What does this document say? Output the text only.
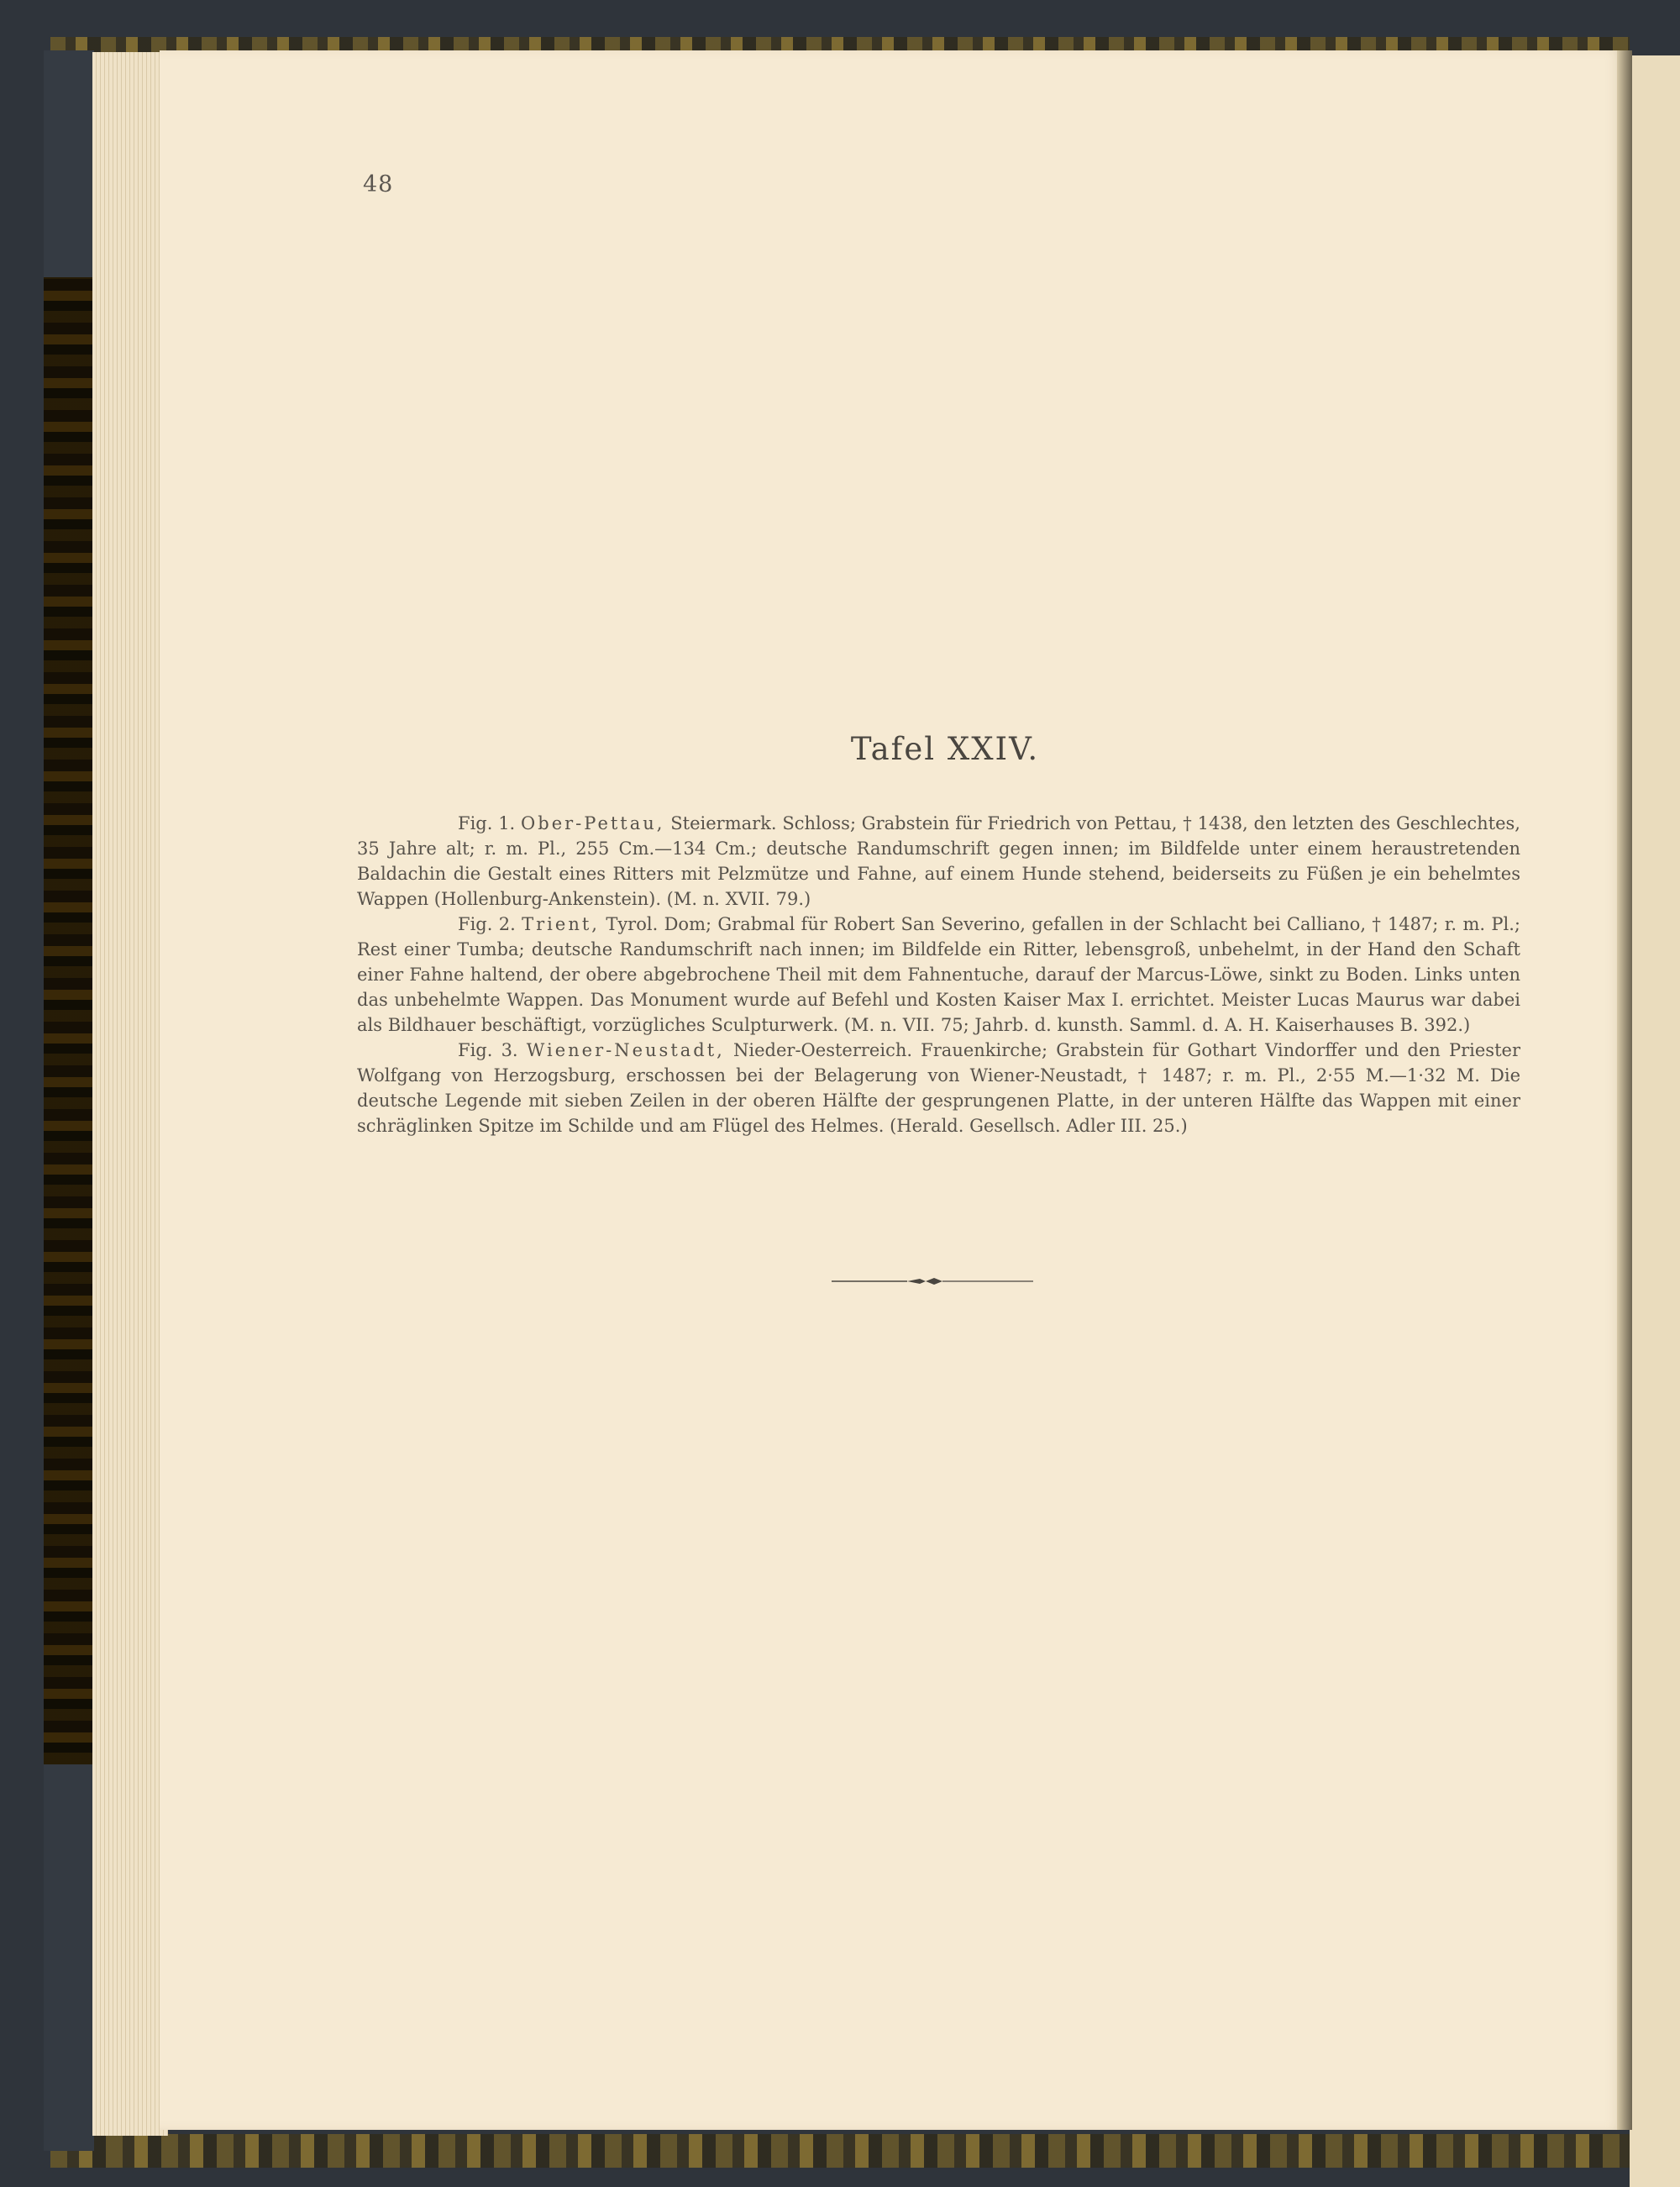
48
Tafel XXIV.

Fig. 1. Ober-Pettau, Steiermark. Schloss; Grabstein für Friedrich von Pettau, † 1438, den letzten des Geschlechtes, 35 Jahre alt; r. m. Pl., 255 Cm.—134 Cm.; deutsche Randumschrift gegen innen; im Bildfelde unter einem heraustretenden Baldachin die Gestalt eines Ritters mit Pelzmütze und Fahne, auf einem Hunde stehend, beiderseits zu Füßen je ein behelmtes Wappen (Hollenburg-Ankenstein). (M. n. XVII. 79.)

Fig. 2. Trient, Tyrol. Dom; Grabmal für Robert San Severino, gefallen in der Schlacht bei Calliano, † 1487; r. m. Pl.; Rest einer Tumba; deutsche Randumschrift nach innen; im Bildfelde ein Ritter, lebensgroß, unbehelmt, in der Hand den Schaft einer Fahne haltend, der obere abgebrochene Theil mit dem Fahnentuche, darauf der Marcus-Löwe, sinkt zu Boden. Links unten das unbehelmte Wappen. Das Monument wurde auf Befehl und Kosten Kaiser Max I. errichtet. Meister Lucas Maurus war dabei als Bildhauer beschäftigt, vorzügliches Sculpturwerk. (M. n. VII. 75; Jahrb. d. kunsth. Samml. d. A. H. Kaiserhauses B. 392.)

Fig. 3. Wiener-Neustadt, Nieder-Oesterreich. Frauenkirche; Grabstein für Gothart Vindorffer und den Priester Wolfgang von Herzogsburg, erschossen bei der Belagerung von Wiener-Neustadt, † 1487; r. m. Pl., 2·55 M.—1·32 M. Die deutsche Legende mit sieben Zeilen in der oberen Hälfte der gesprungenen Platte, in der unteren Hälfte das Wappen mit einer schräglinken Spitze im Schilde und am Flügel des Helmes. (Herald. Gesellsch. Adler III. 25.)
